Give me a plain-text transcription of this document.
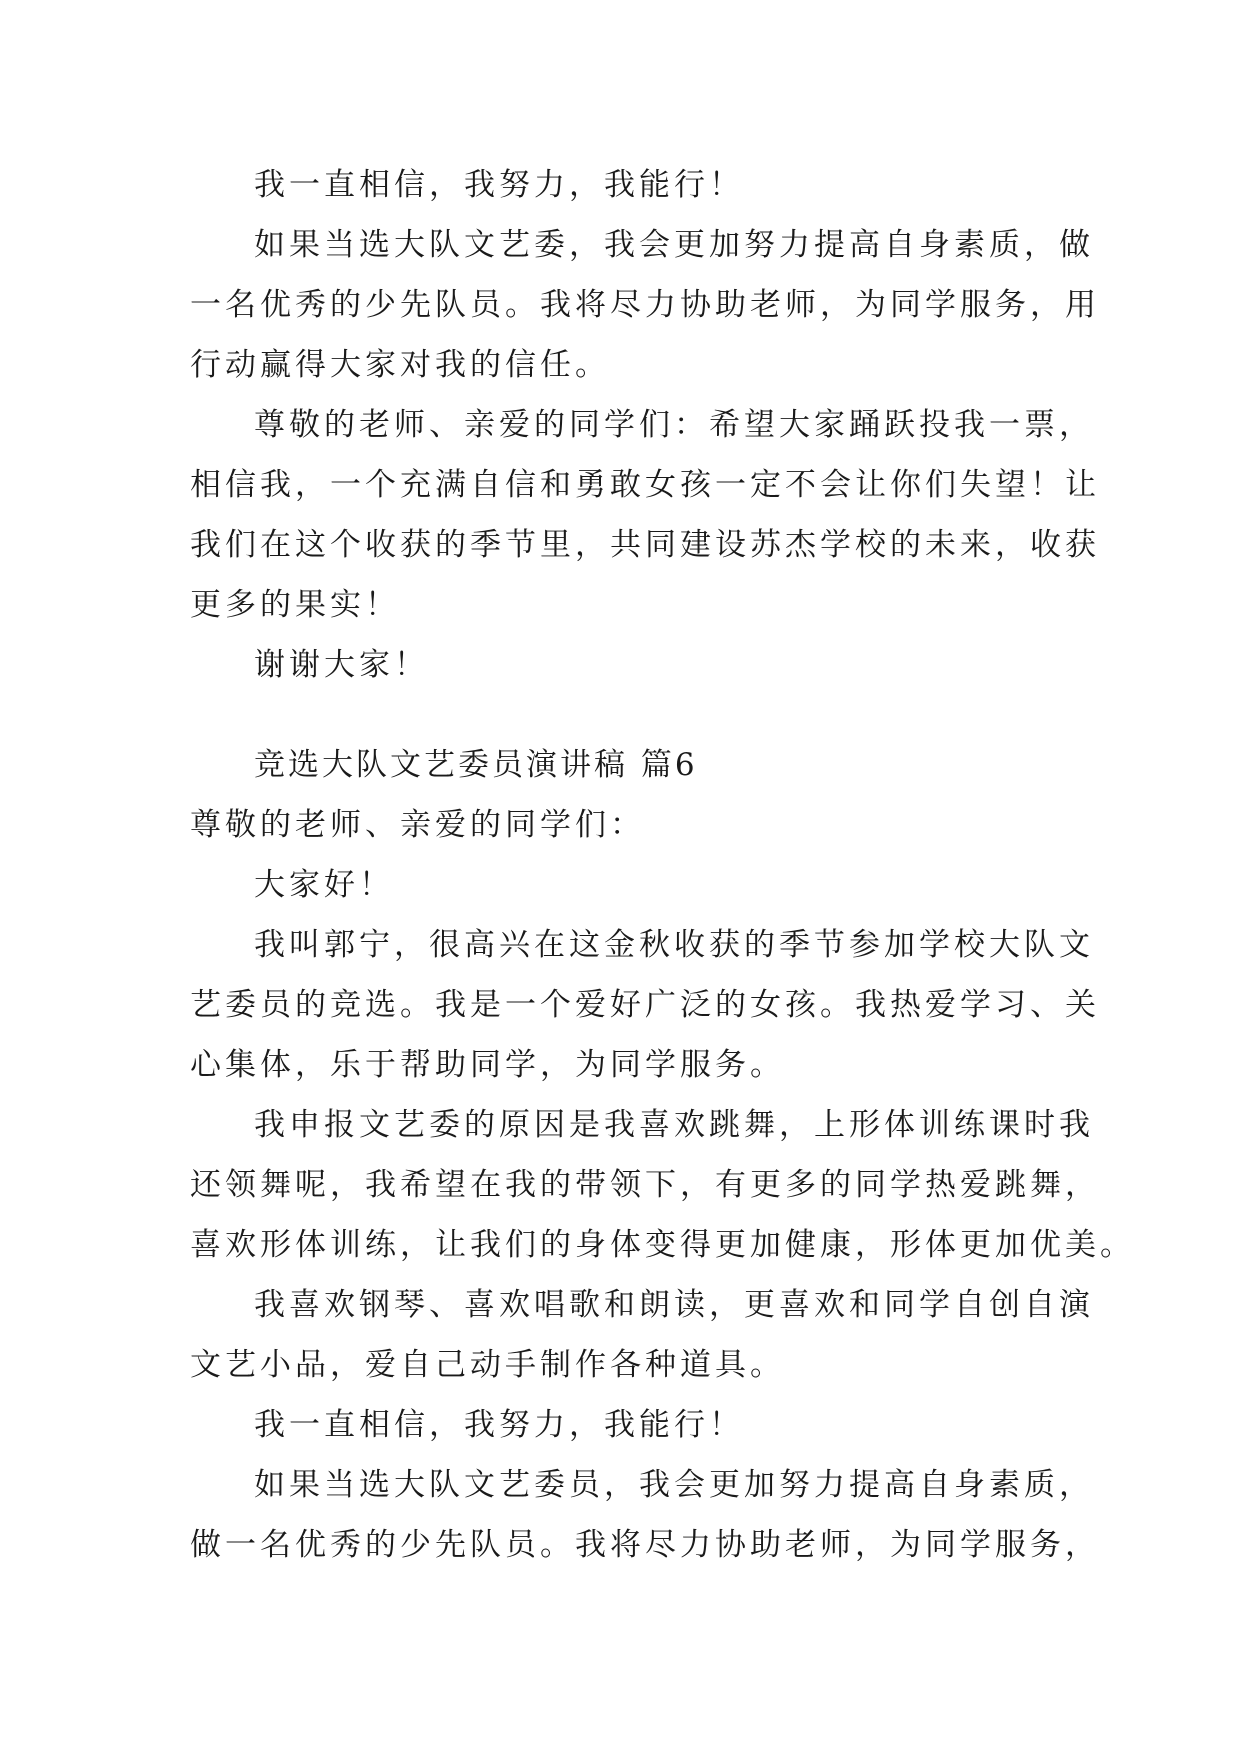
我一直相信，我努力，我能行！
如果当选大队文艺委，我会更加努力提高自身素质，做
一名优秀的少先队员。我将尽力协助老师，为同学服务，用
行动赢得大家对我的信任。
尊敬的老师、亲爱的同学们：希望大家踊跃投我一票，
相信我，一个充满自信和勇敢女孩一定不会让你们失望！让
我们在这个收获的季节里，共同建设苏杰学校的未来，收获
更多的果实！
谢谢大家！
竞选大队文艺委员演讲稿 篇6
尊敬的老师、亲爱的同学们：
大家好！
我叫郭宁，很高兴在这金秋收获的季节参加学校大队文
艺委员的竞选。我是一个爱好广泛的女孩。我热爱学习、关
心集体，乐于帮助同学，为同学服务。
我申报文艺委的原因是我喜欢跳舞，上形体训练课时我
还领舞呢，我希望在我的带领下，有更多的同学热爱跳舞，
喜欢形体训练，让我们的身体变得更加健康，形体更加优美。
我喜欢钢琴、喜欢唱歌和朗读，更喜欢和同学自创自演
文艺小品，爱自己动手制作各种道具。
我一直相信，我努力，我能行！
如果当选大队文艺委员，我会更加努力提高自身素质，
做一名优秀的少先队员。我将尽力协助老师，为同学服务，
